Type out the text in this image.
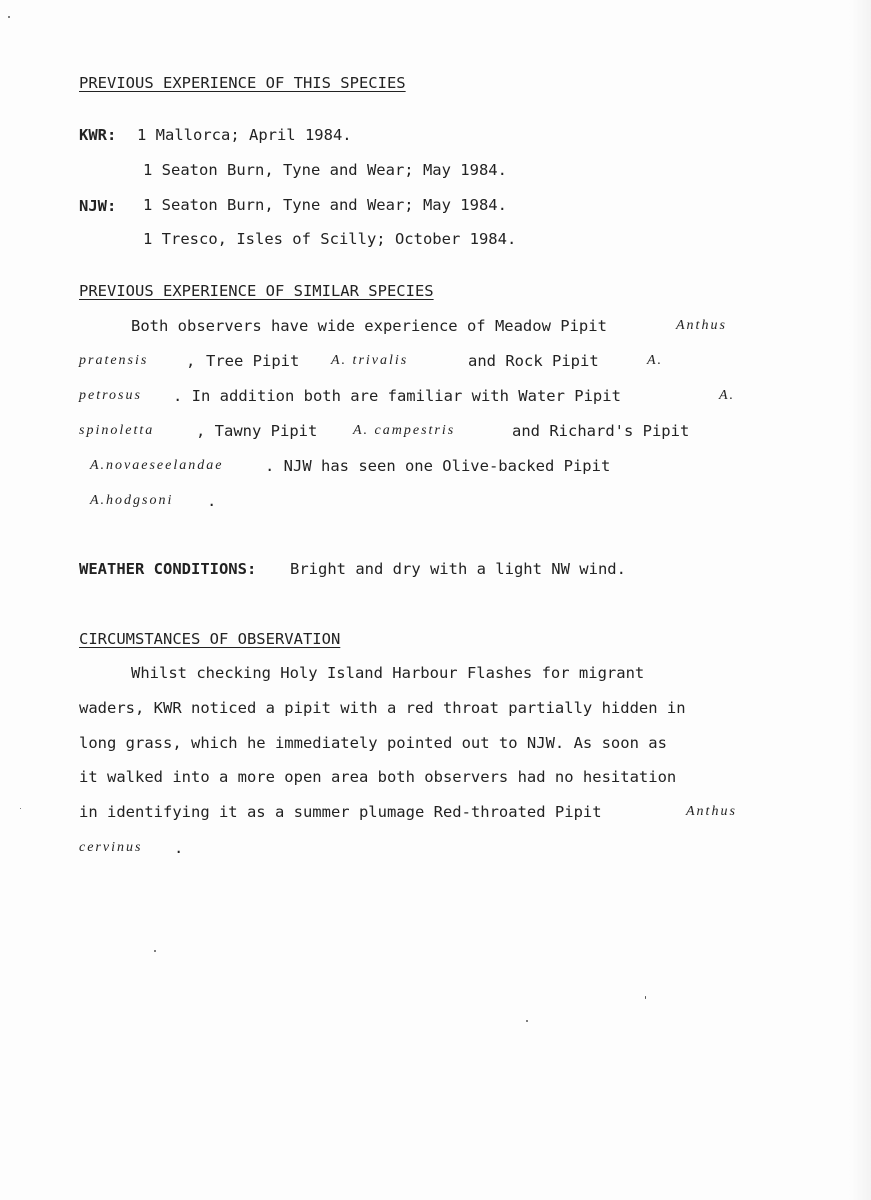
PREVIOUS EXPERIENCE OF THIS SPECIES
KWR: 1 Mallorca; April 1984.
1 Seaton Burn, Tyne and Wear; May 1984.
NJW: 1 Seaton Burn, Tyne and Wear; May 1984.
1 Tresco, Isles of Scilly; October 1984.
PREVIOUS EXPERIENCE OF SIMILAR SPECIES
Both observers have wide experience of Meadow Pipit	Anthus
pratensis , Tree Pipit A. trivalis	and Rock Pipit	A.
petrosus . In addition both are familiar with Water Pipit	A.
spinoletta	, Tawny Pipit	A. campestris	and Richard's Pipit
A.novaeseelandae	. NJW has seen one Olive-backed Pipit
A.hodgsoni .
WEATHER CONDITIONS: Bright and dry with a light NW wind.
CIRCUMSTANCES OF OBSERVATION
Whilst checking Holy Island Harbour Flashes for migrant
waders, KWR noticed a pipit with a red throat partially hidden in
long grass, which he immediately pointed out to NJW. As soon as
it walked into a more open area both observers had no hesitation
in identifying it as a summer plumage Red-throated Pipit	Anthus
cervinus .
